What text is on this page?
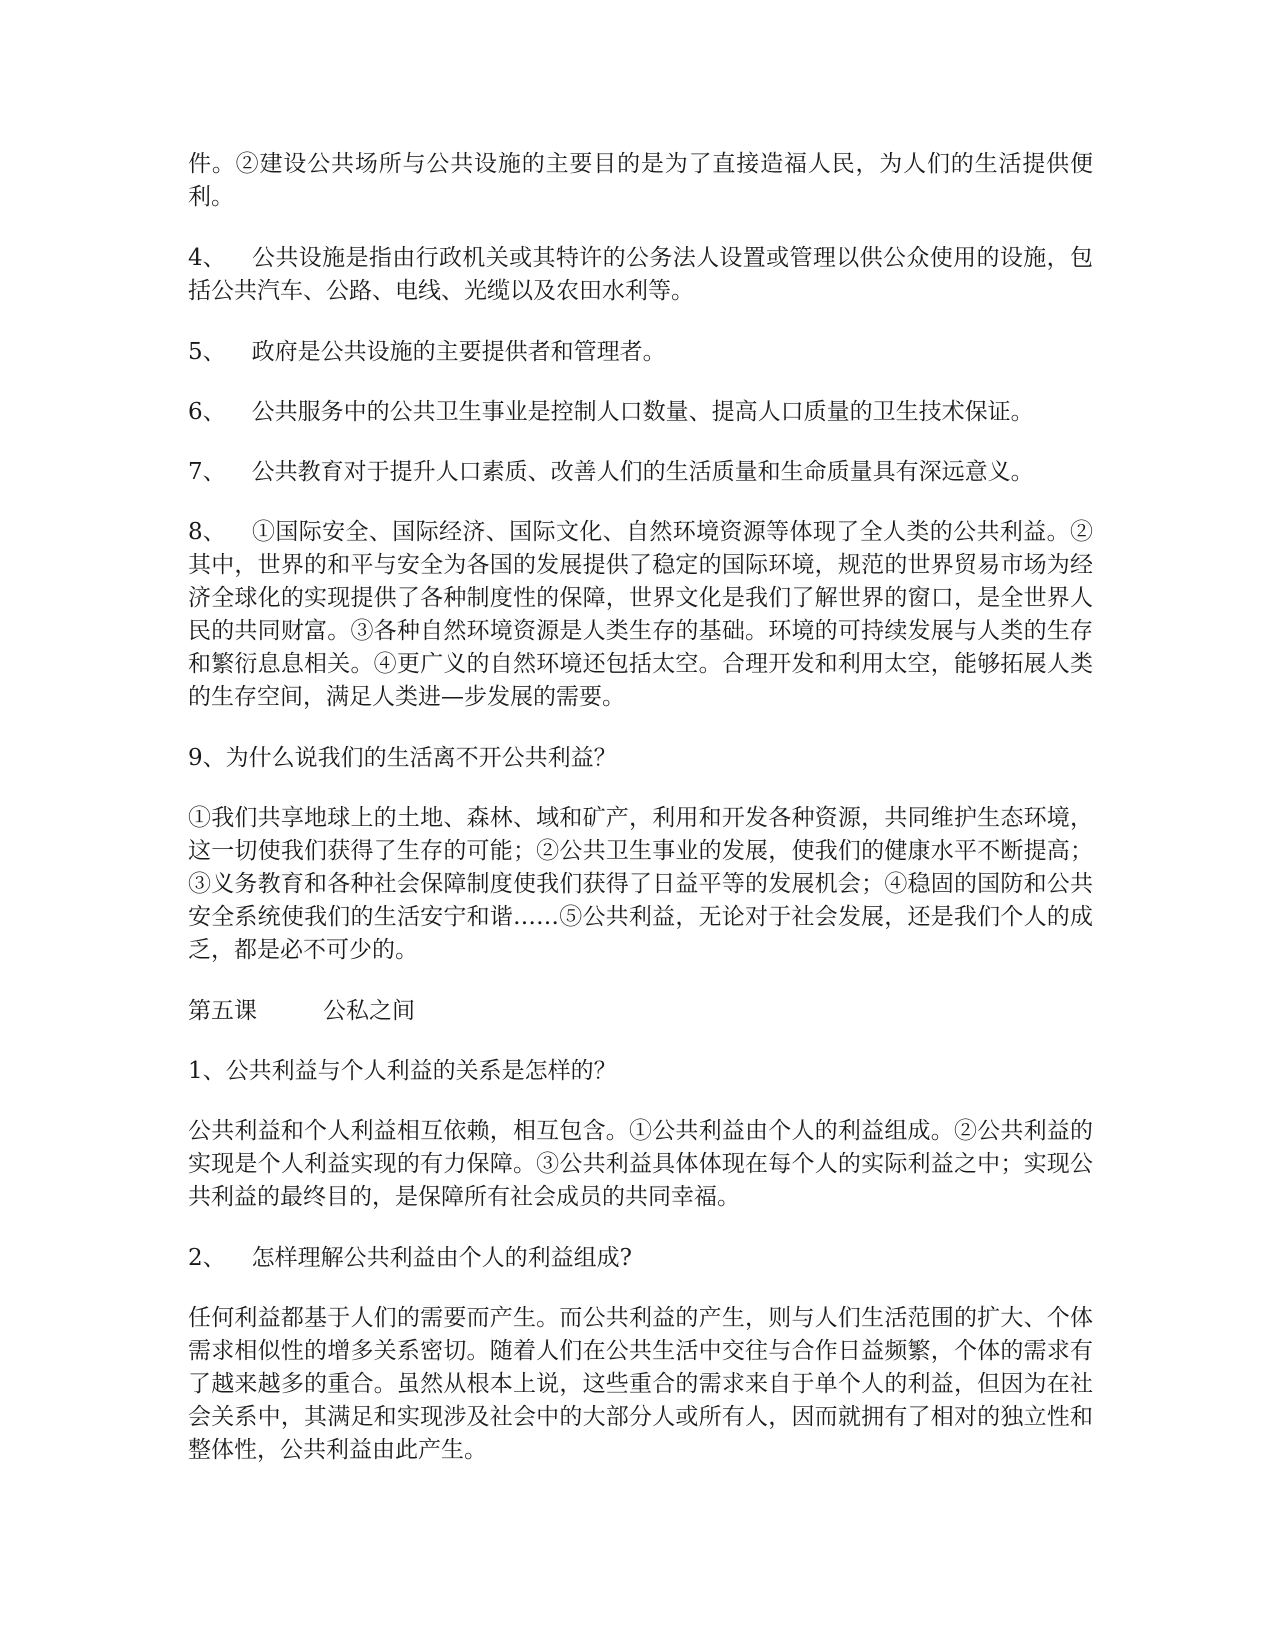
件。②建设公共场所与公共设施的主要目的是为了直接造福人民，为人们的生活提供便利。

4、 公共设施是指由行政机关或其特许的公务法人设置或管理以供公众使用的设施，包括公共汽车、公路、电线、光缆以及农田水利等。

5、 政府是公共设施的主要提供者和管理者。

6、 公共服务中的公共卫生事业是控制人口数量、提高人口质量的卫生技术保证。

7、 公共教育对于提升人口素质、改善人们的生活质量和生命质量具有深远意义。

8、 ①国际安全、国际经济、国际文化、自然环境资源等体现了全人类的公共利益。②其中，世界的和平与安全为各国的发展提供了稳定的国际环境，规范的世界贸易市场为经济全球化的实现提供了各种制度性的保障，世界文化是我们了解世界的窗口，是全世界人民的共同财富。③各种自然环境资源是人类生存的基础。环境的可持续发展与人类的生存和繁衍息息相关。④更广义的自然环境还包括太空。合理开发和利用太空，能够拓展人类的生存空间，满足人类进—步发展的需要。

9、为什么说我们的生活离不开公共利益？

①我们共享地球上的土地、森林、域和矿产，利用和开发各种资源，共同维护生态环境，这一切使我们获得了生存的可能；②公共卫生事业的发展，使我们的健康水平不断提高；③义务教育和各种社会保障制度使我们获得了日益平等的发展机会；④稳固的国防和公共安全系统使我们的生活安宁和谐……⑤公共利益，无论对于社会发展，还是我们个人的成乏，都是必不可少的。

第五课	公私之间

1、公共利益与个人利益的关系是怎样的？

公共利益和个人利益相互依赖，相互包含。①公共利益由个人的利益组成。②公共利益的实现是个人利益实现的有力保障。③公共利益具体体现在每个人的实际利益之中；实现公共利益的最终目的，是保障所有社会成员的共同幸福。

2、 怎样理解公共利益由个人的利益组成?

任何利益都基于人们的需要而产生。而公共利益的产生，则与人们生活范围的扩大、个体需求相似性的增多关系密切。随着人们在公共生活中交往与合作日益频繁，个体的需求有了越来越多的重合。虽然从根本上说，这些重合的需求来自于单个人的利益，但因为在社会关系中，其满足和实现涉及社会中的大部分人或所有人，因而就拥有了相对的独立性和整体性，公共利益由此产生。
